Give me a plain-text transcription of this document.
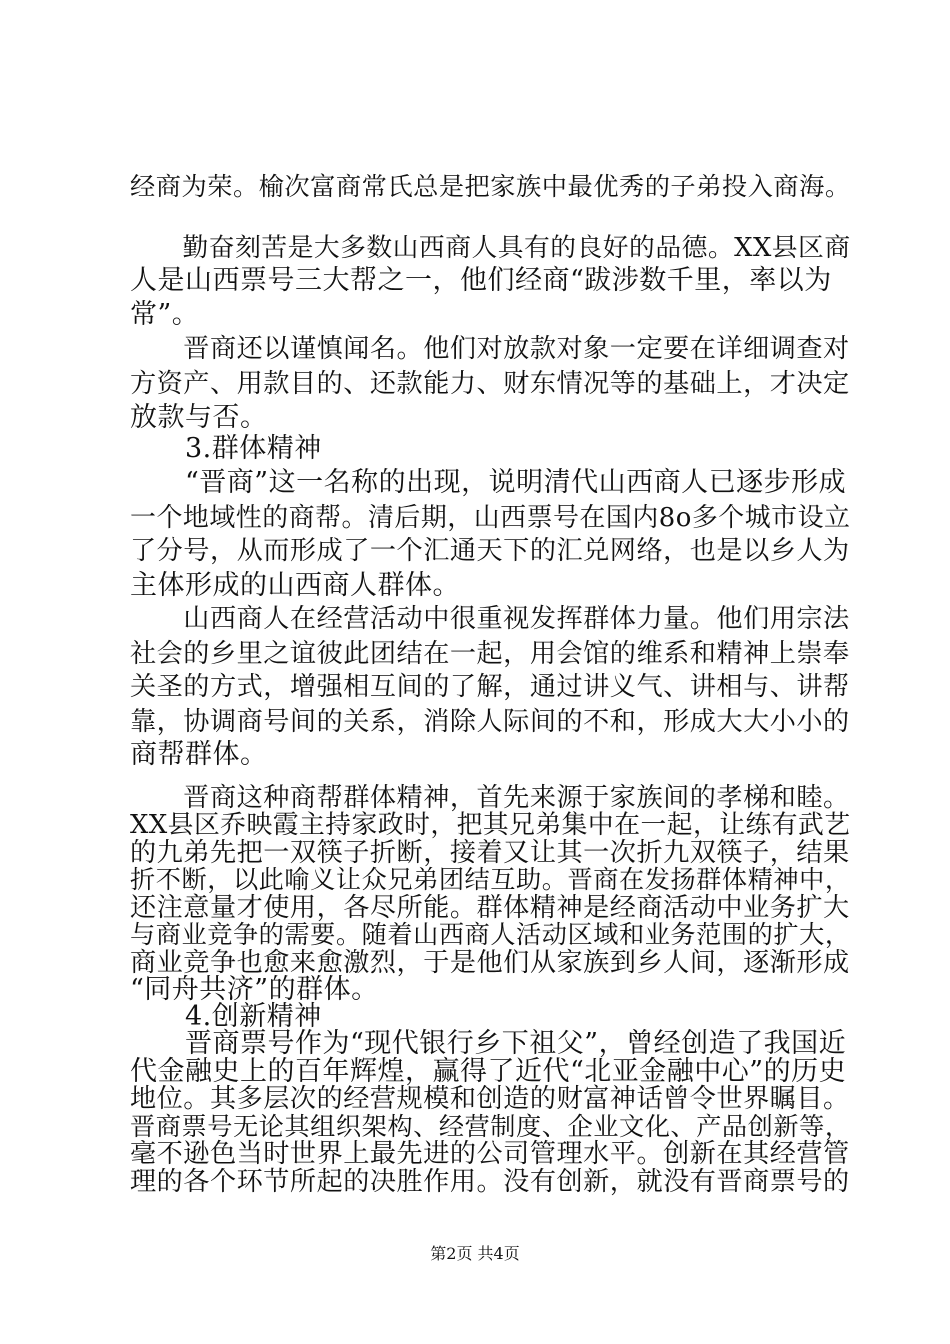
经商为荣。榆次富商常氏总是把家族中最优秀的子弟投入商海。
　　勤奋刻苦是大多数山西商人具有的良好的品德。XX县区商
人是山西票号三大帮之一，他们经商“跋涉数千里，率以为
常”。
　　晋商还以谨慎闻名。他们对放款对象一定要在详细调查对
方资产、用款目的、还款能力、财东情况等的基础上，才决定
放款与否。
　　3.群体精神
　　“晋商”这一名称的出现，说明清代山西商人已逐步形成
一个地域性的商帮。清后期，山西票号在国内8o多个城市设立
了分号，从而形成了一个汇通天下的汇兑网络，也是以乡人为
主体形成的山西商人群体。
　　山西商人在经营活动中很重视发挥群体力量。他们用宗法
社会的乡里之谊彼此团结在一起，用会馆的维系和精神上崇奉
关圣的方式，增强相互间的了解，通过讲义气、讲相与、讲帮
靠，协调商号间的关系，消除人际间的不和，形成大大小小的
商帮群体。
　　晋商这种商帮群体精神，首先来源于家族间的孝梯和睦。
XX县区乔映霞主持家政时，把其兄弟集中在一起，让练有武艺
的九弟先把一双筷子折断，接着又让其一次折九双筷子，结果
折不断，以此喻义让众兄弟团结互助。晋商在发扬群体精神中，
还注意量才使用，各尽所能。群体精神是经商活动中业务扩大
与商业竞争的需要。随着山西商人活动区域和业务范围的扩大，
商业竞争也愈来愈激烈，于是他们从家族到乡人间，逐渐形成
“同舟共济”的群体。
　　4.创新精神
　　晋商票号作为“现代银行乡下祖父”，曾经创造了我国近
代金融史上的百年辉煌，赢得了近代“北亚金融中心”的历史
地位。其多层次的经营规模和创造的财富神话曾令世界瞩目。
晋商票号无论其组织架构、经营制度、企业文化、产品创新等，
毫不逊色当时世界上最先进的公司管理水平。创新在其经营管
理的各个环节所起的决胜作用。没有创新，就没有晋商票号的
第2页 共4页
